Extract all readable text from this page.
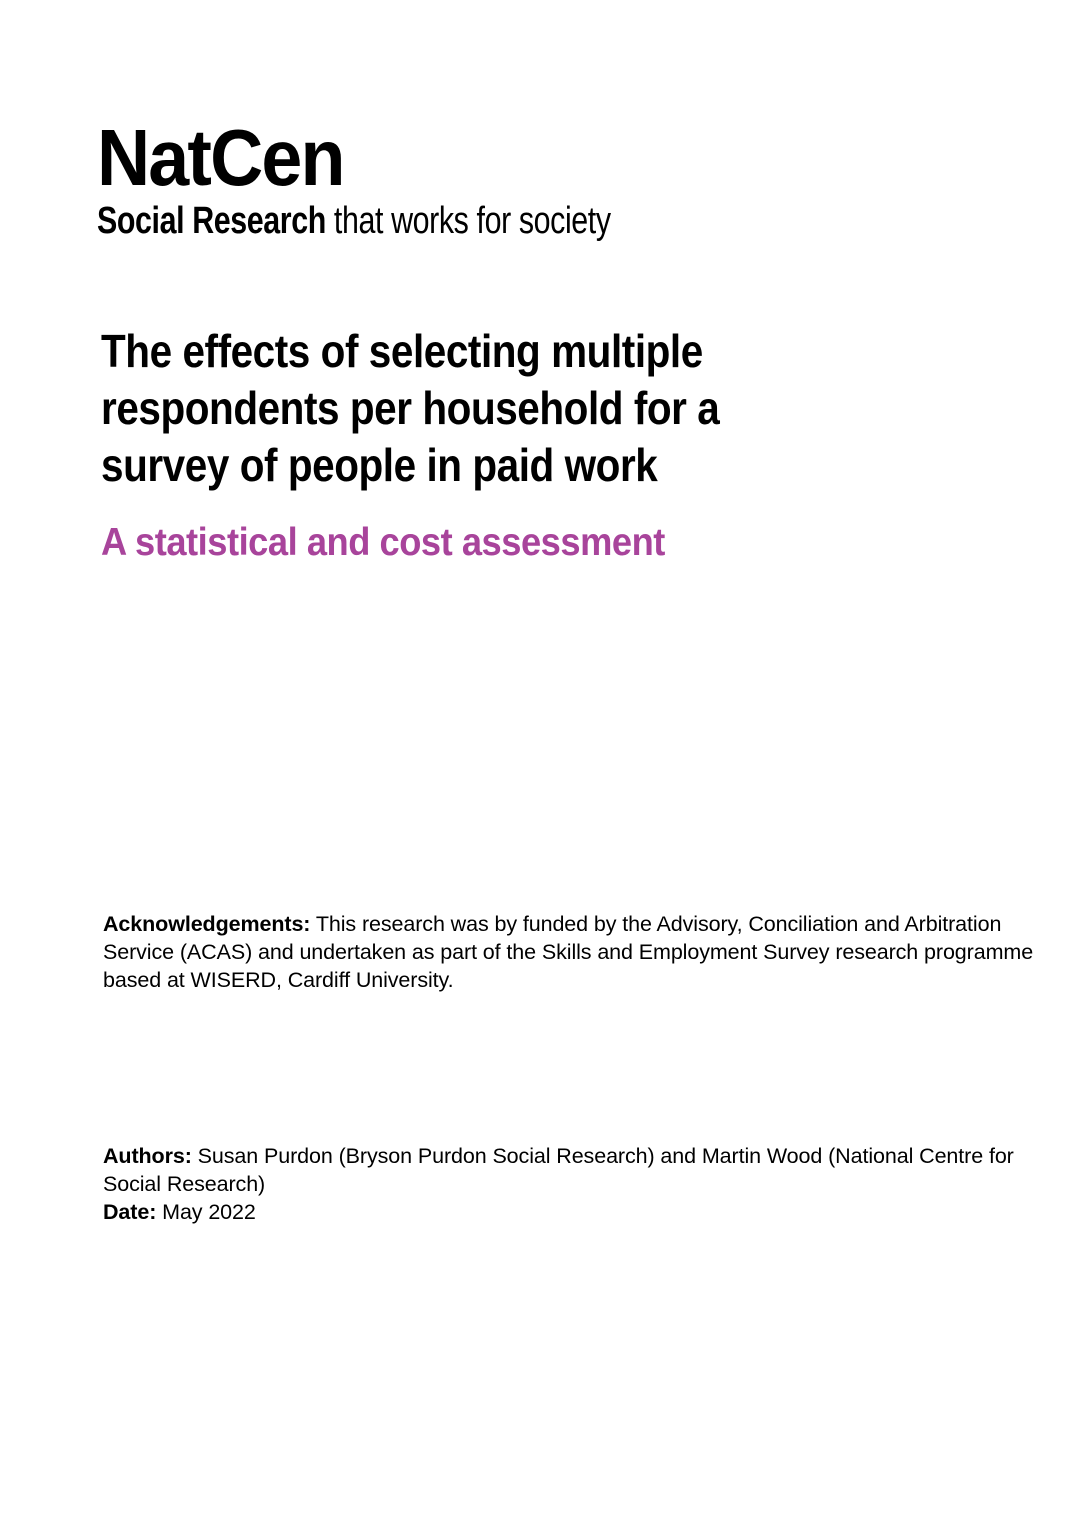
NatCen
Social Research that works for society
The effects of selecting multiple
respondents per household for a
survey of people in paid work
A statistical and cost assessment

Acknowledgements: This research was by funded by the Advisory, Conciliation and Arbitration Service (ACAS) and undertaken as part of the Skills and Employment Survey research programme based at WISERD, Cardiff University.

Authors: Susan Purdon (Bryson Purdon Social Research) and Martin Wood (National Centre for Social Research)

Date: May 2022
